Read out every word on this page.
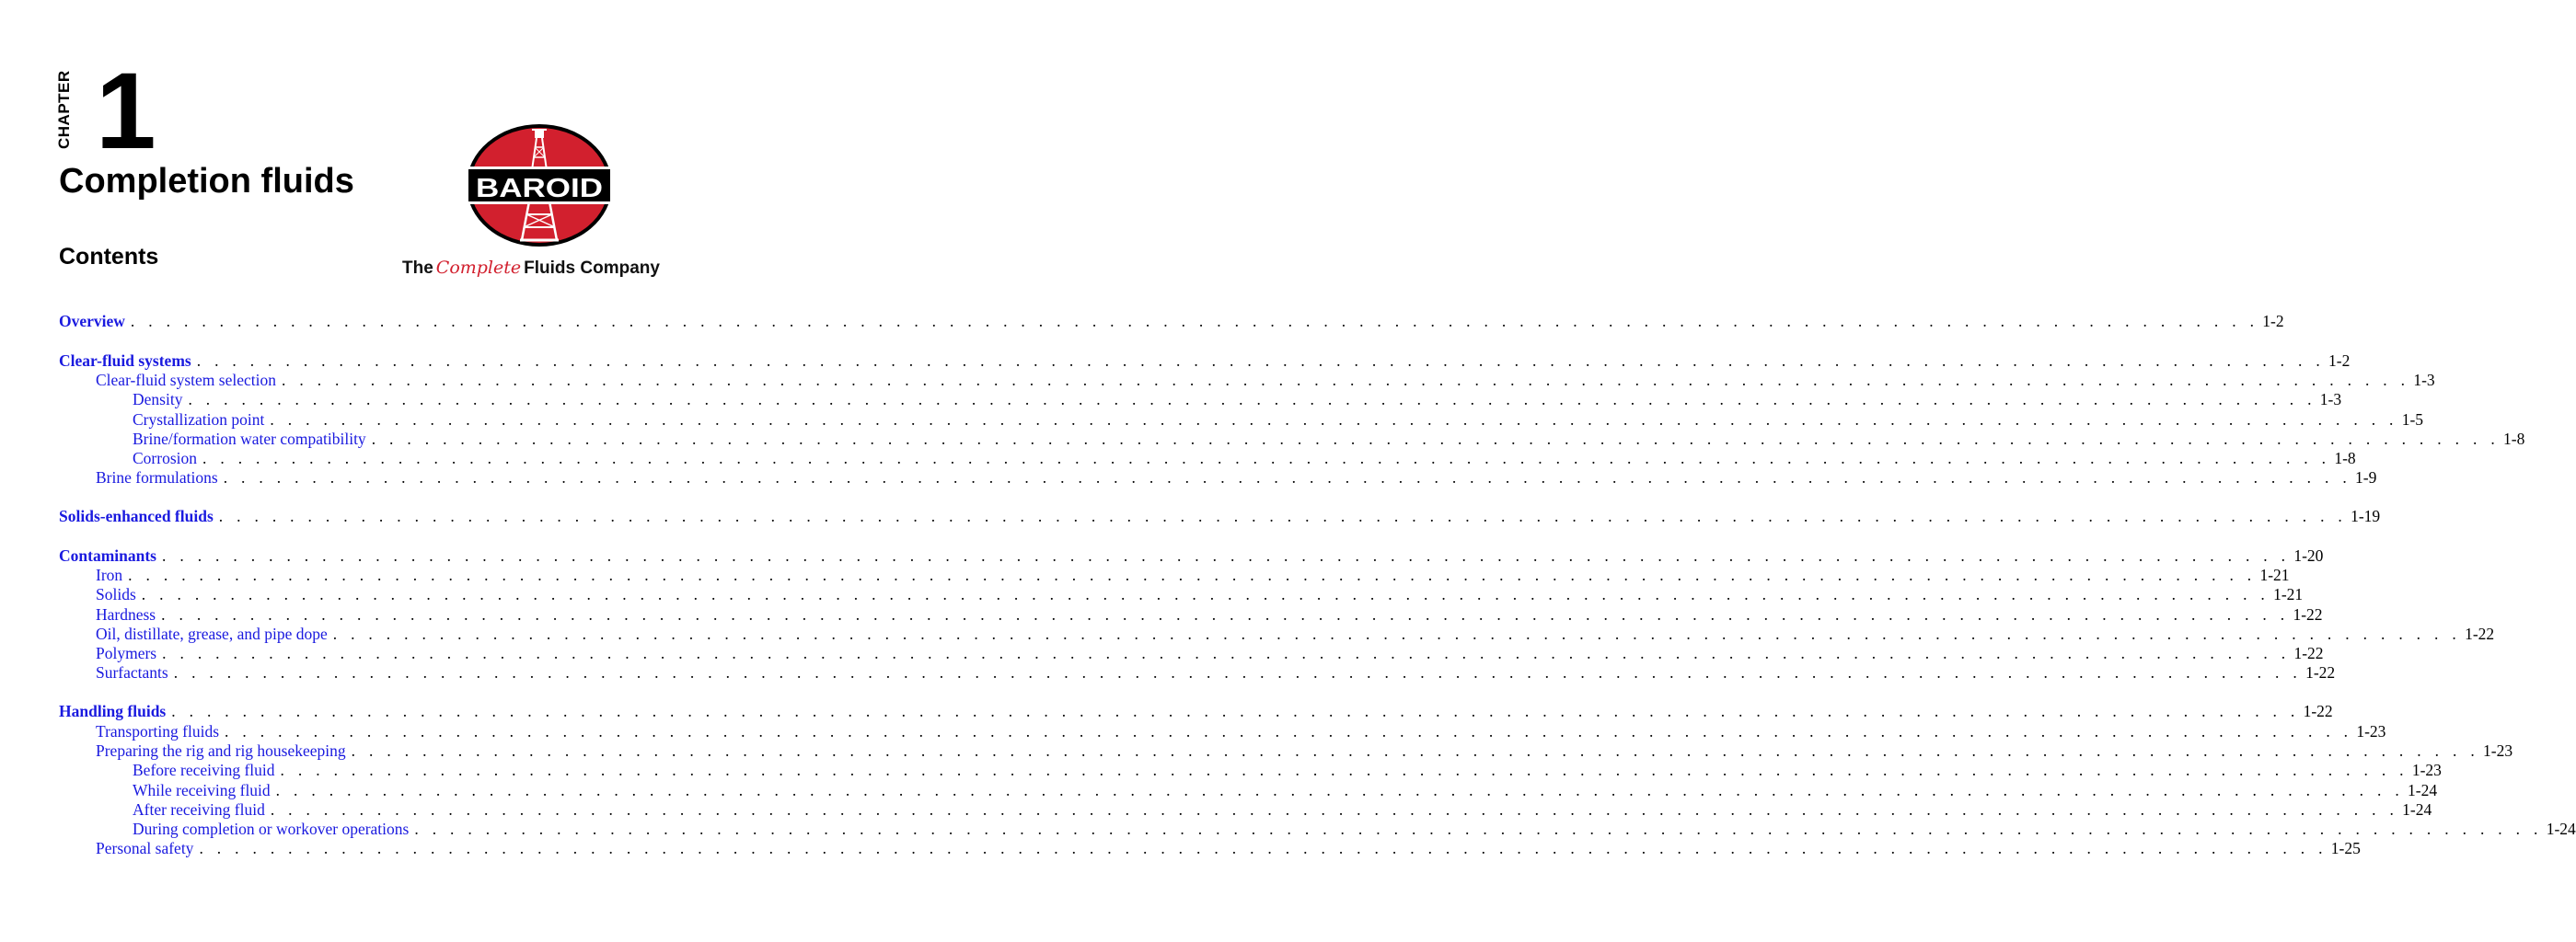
CHAPTER 1
Completion fluids
Contents
BAROID
The Complete Fluids Company
Overview . . . . . . . . . . . . . . . . . . . . . . . . . . . . . . . . . . . . . . . . . . . . . . . . . . . . . . . . . . . . . . . . . . . . . . . . . . . . . . . . . . . . . . . . . . . . . . . . . . . . . . . . . . . . . . . . . . . . . . . . 1-2
Clear-fluid systems . . . . . . . . . . . . . . . . . . . . . . . . . . . . . . . . . . . . . . . . . . . . . . . . . . . . . . . . . . . . . . . . . . . . . . . . . . . . . . . . . . . . . . . . . . . . . . . . . . . . . . . . . . . . . . . . . . . . . . . . 1-2
Clear-fluid system selection . . . . . . . . . . . . . . . . . . . . . . . . . . . . . . . . . . . . . . . . . . . . . . . . . . . . . . . . . . . . . . . . . . . . . . . . . . . . . . . . . . . . . . . . . . . . . . . . . . . . . . . . . . . . . . . . . . . . . . . . 1-3
Density . . . . . . . . . . . . . . . . . . . . . . . . . . . . . . . . . . . . . . . . . . . . . . . . . . . . . . . . . . . . . . . . . . . . . . . . . . . . . . . . . . . . . . . . . . . . . . . . . . . . . . . . . . . . . . . . . . . . . . . . 1-3
Crystallization point . . . . . . . . . . . . . . . . . . . . . . . . . . . . . . . . . . . . . . . . . . . . . . . . . . . . . . . . . . . . . . . . . . . . . . . . . . . . . . . . . . . . . . . . . . . . . . . . . . . . . . . . . . . . . . . . . . . . . . . . 1-5
Brine/formation water compatibility . . . . . . . . . . . . . . . . . . . . . . . . . . . . . . . . . . . . . . . . . . . . . . . . . . . . . . . . . . . . . . . . . . . . . . . . . . . . . . . . . . . . . . . . . . . . . . . . . . . . . . . . . . . . . . . . . . . . . . . . 1-8
Corrosion . . . . . . . . . . . . . . . . . . . . . . . . . . . . . . . . . . . . . . . . . . . . . . . . . . . . . . . . . . . . . . . . . . . . . . . . . . . . . . . . . . . . . . . . . . . . . . . . . . . . . . . . . . . . . . . . . . . . . . . . 1-8
Brine formulations . . . . . . . . . . . . . . . . . . . . . . . . . . . . . . . . . . . . . . . . . . . . . . . . . . . . . . . . . . . . . . . . . . . . . . . . . . . . . . . . . . . . . . . . . . . . . . . . . . . . . . . . . . . . . . . . . . . . . . . . 1-9
Solids-enhanced fluids . . . . . . . . . . . . . . . . . . . . . . . . . . . . . . . . . . . . . . . . . . . . . . . . . . . . . . . . . . . . . . . . . . . . . . . . . . . . . . . . . . . . . . . . . . . . . . . . . . . . . . . . . . . . . . . . . . . . . . . . 1-19
Contaminants . . . . . . . . . . . . . . . . . . . . . . . . . . . . . . . . . . . . . . . . . . . . . . . . . . . . . . . . . . . . . . . . . . . . . . . . . . . . . . . . . . . . . . . . . . . . . . . . . . . . . . . . . . . . . . . . . . . . . . . . 1-20
Iron . . . . . . . . . . . . . . . . . . . . . . . . . . . . . . . . . . . . . . . . . . . . . . . . . . . . . . . . . . . . . . . . . . . . . . . . . . . . . . . . . . . . . . . . . . . . . . . . . . . . . . . . . . . . . . . . . . . . . . . . 1-21
Solids . . . . . . . . . . . . . . . . . . . . . . . . . . . . . . . . . . . . . . . . . . . . . . . . . . . . . . . . . . . . . . . . . . . . . . . . . . . . . . . . . . . . . . . . . . . . . . . . . . . . . . . . . . . . . . . . . . . . . . . . 1-21
Hardness . . . . . . . . . . . . . . . . . . . . . . . . . . . . . . . . . . . . . . . . . . . . . . . . . . . . . . . . . . . . . . . . . . . . . . . . . . . . . . . . . . . . . . . . . . . . . . . . . . . . . . . . . . . . . . . . . . . . . . . . 1-22
Oil, distillate, grease, and pipe dope . . . . . . . . . . . . . . . . . . . . . . . . . . . . . . . . . . . . . . . . . . . . . . . . . . . . . . . . . . . . . . . . . . . . . . . . . . . . . . . . . . . . . . . . . . . . . . . . . . . . . . . . . . . . . . . . . . . . . . . . 1-22
Polymers . . . . . . . . . . . . . . . . . . . . . . . . . . . . . . . . . . . . . . . . . . . . . . . . . . . . . . . . . . . . . . . . . . . . . . . . . . . . . . . . . . . . . . . . . . . . . . . . . . . . . . . . . . . . . . . . . . . . . . . . 1-22
Surfactants . . . . . . . . . . . . . . . . . . . . . . . . . . . . . . . . . . . . . . . . . . . . . . . . . . . . . . . . . . . . . . . . . . . . . . . . . . . . . . . . . . . . . . . . . . . . . . . . . . . . . . . . . . . . . . . . . . . . . . . . 1-22
Handling fluids . . . . . . . . . . . . . . . . . . . . . . . . . . . . . . . . . . . . . . . . . . . . . . . . . . . . . . . . . . . . . . . . . . . . . . . . . . . . . . . . . . . . . . . . . . . . . . . . . . . . . . . . . . . . . . . . . . . . . . . . 1-22
Transporting fluids . . . . . . . . . . . . . . . . . . . . . . . . . . . . . . . . . . . . . . . . . . . . . . . . . . . . . . . . . . . . . . . . . . . . . . . . . . . . . . . . . . . . . . . . . . . . . . . . . . . . . . . . . . . . . . . . . . . . . . . . 1-23
Preparing the rig and rig housekeeping . . . . . . . . . . . . . . . . . . . . . . . . . . . . . . . . . . . . . . . . . . . . . . . . . . . . . . . . . . . . . . . . . . . . . . . . . . . . . . . . . . . . . . . . . . . . . . . . . . . . . . . . . . . . . . . . . . . . . . . . 1-23
Before receiving fluid . . . . . . . . . . . . . . . . . . . . . . . . . . . . . . . . . . . . . . . . . . . . . . . . . . . . . . . . . . . . . . . . . . . . . . . . . . . . . . . . . . . . . . . . . . . . . . . . . . . . . . . . . . . . . . . . . . . . . . . . 1-23
While receiving fluid . . . . . . . . . . . . . . . . . . . . . . . . . . . . . . . . . . . . . . . . . . . . . . . . . . . . . . . . . . . . . . . . . . . . . . . . . . . . . . . . . . . . . . . . . . . . . . . . . . . . . . . . . . . . . . . . . . . . . . . . 1-24
After receiving fluid . . . . . . . . . . . . . . . . . . . . . . . . . . . . . . . . . . . . . . . . . . . . . . . . . . . . . . . . . . . . . . . . . . . . . . . . . . . . . . . . . . . . . . . . . . . . . . . . . . . . . . . . . . . . . . . . . . . . . . . . 1-24
During completion or workover operations . . . . . . . . . . . . . . . . . . . . . . . . . . . . . . . . . . . . . . . . . . . . . . . . . . . . . . . . . . . . . . . . . . . . . . . . . . . . . . . . . . . . . . . . . . . . . . . . . . . . . . . . . . . . . . . . . . . . . . . . 1-24
Personal safety . . . . . . . . . . . . . . . . . . . . . . . . . . . . . . . . . . . . . . . . . . . . . . . . . . . . . . . . . . . . . . . . . . . . . . . . . . . . . . . . . . . . . . . . . . . . . . . . . . . . . . . . . . . . . . . . . . . . . . . . 1-25
